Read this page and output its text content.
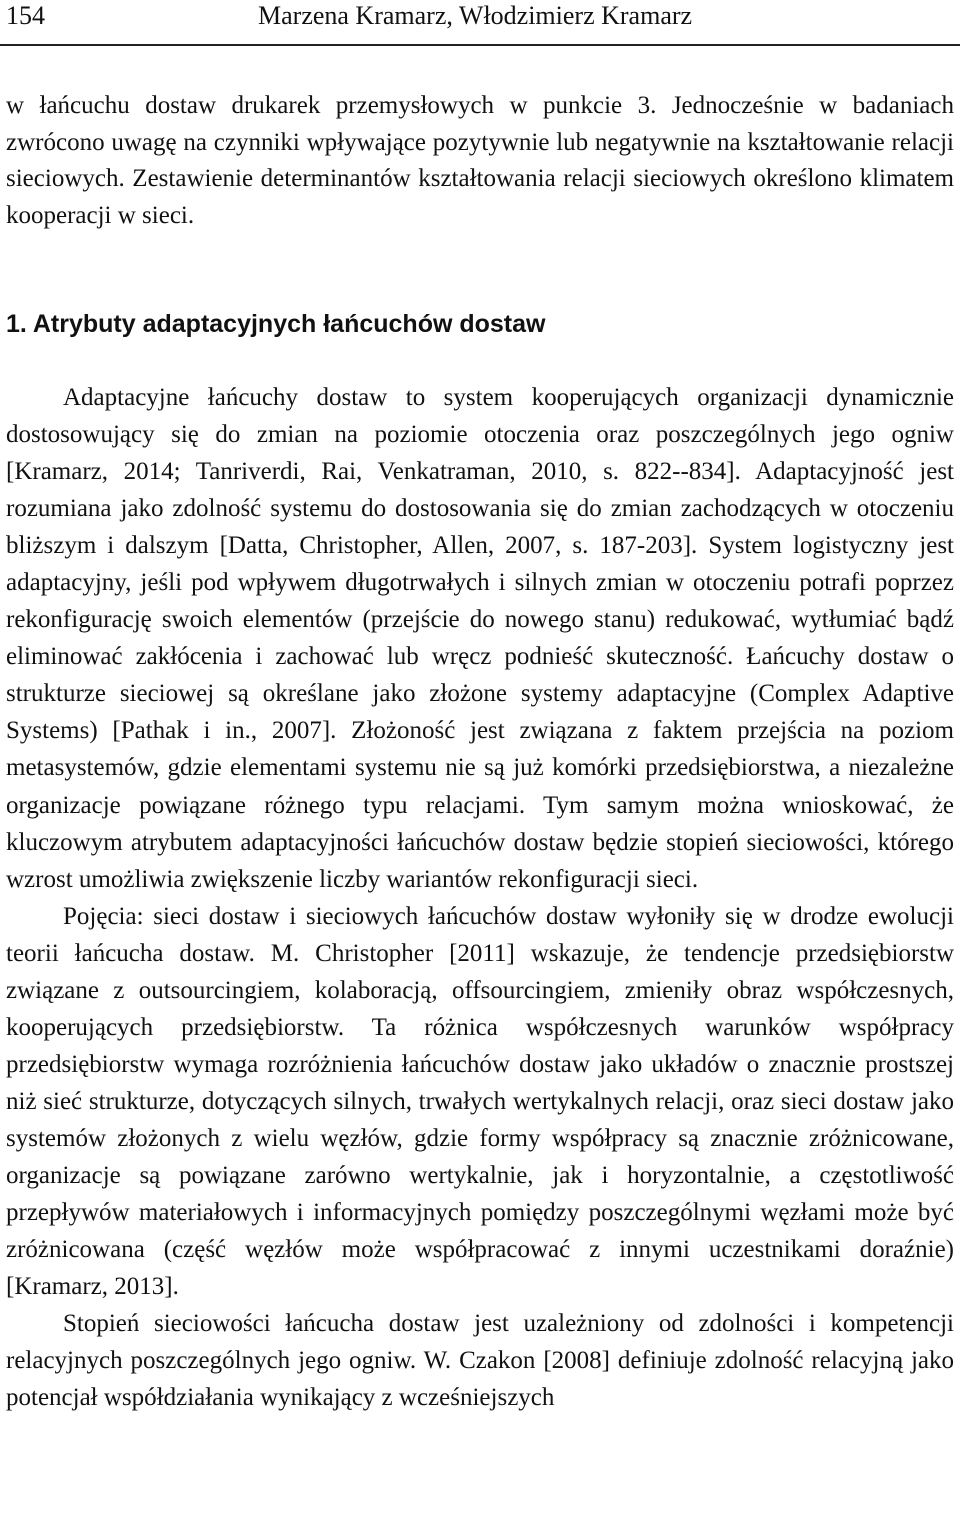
154	Marzena Kramarz, Włodzimierz Kramarz
w łańcuchu dostaw drukarek przemysłowych w punkcie 3. Jednocześnie w badaniach zwrócono uwagę na czynniki wpływające pozytywnie lub negatywnie na kształtowanie relacji sieciowych. Zestawienie determinantów kształtowania relacji sieciowych określono klimatem kooperacji w sieci.
1. Atrybuty adaptacyjnych łańcuchów dostaw

Adaptacyjne łańcuchy dostaw to system kooperujących organizacji dynamicznie dostosowujący się do zmian na poziomie otoczenia oraz poszczególnych jego ogniw [Kramarz, 2014; Tanriverdi, Rai, Venkatraman, 2010, s. 822--834]. Adaptacyjność jest rozumiana jako zdolność systemu do dostosowania się do zmian zachodzących w otoczeniu bliższym i dalszym [Datta, Christopher, Allen, 2007, s. 187-203]. System logistyczny jest adaptacyjny, jeśli pod wpływem długotrwałych i silnych zmian w otoczeniu potrafi poprzez rekonfigurację swoich elementów (przejście do nowego stanu) redukować, wytłumiać bądź eliminować zakłócenia i zachować lub wręcz podnieść skuteczność. Łańcuchy dostaw o strukturze sieciowej są określane jako złożone systemy adaptacyjne (Complex Adaptive Systems) [Pathak i in., 2007]. Złożoność jest związana z faktem przejścia na poziom metasystemów, gdzie elementami systemu nie są już komórki przedsiębiorstwa, a niezależne organizacje powiązane różnego typu relacjami. Tym samym można wnioskować, że kluczowym atrybutem adaptacyjności łańcuchów dostaw będzie stopień sieciowości, którego wzrost umożliwia zwiększenie liczby wariantów rekonfiguracji sieci.

Pojęcia: sieci dostaw i sieciowych łańcuchów dostaw wyłoniły się w drodze ewolucji teorii łańcucha dostaw. M. Christopher [2011] wskazuje, że tendencje przedsiębiorstw związane z outsourcingiem, kolaboracją, offsourcingiem, zmieniły obraz współczesnych, kooperujących przedsiębiorstw. Ta różnica współczesnych warunków współpracy przedsiębiorstw wymaga rozróżnienia łańcuchów dostaw jako układów o znacznie prostszej niż sieć strukturze, dotyczących silnych, trwałych wertykalnych relacji, oraz sieci dostaw jako systemów złożonych z wielu węzłów, gdzie formy współpracy są znacznie zróżnicowane, organizacje są powiązane zarówno wertykalnie, jak i horyzontalnie, a częstotliwość przepływów materiałowych i informacyjnych pomiędzy poszczególnymi węzłami może być zróżnicowana (część węzłów może współpracować z innymi uczestnikami doraźnie) [Kramarz, 2013].

Stopień sieciowości łańcucha dostaw jest uzależniony od zdolności i kompetencji relacyjnych poszczególnych jego ogniw. W. Czakon [2008] definiuje zdolność relacyjną jako potencjał współdziałania wynikający z wcześniejszych
